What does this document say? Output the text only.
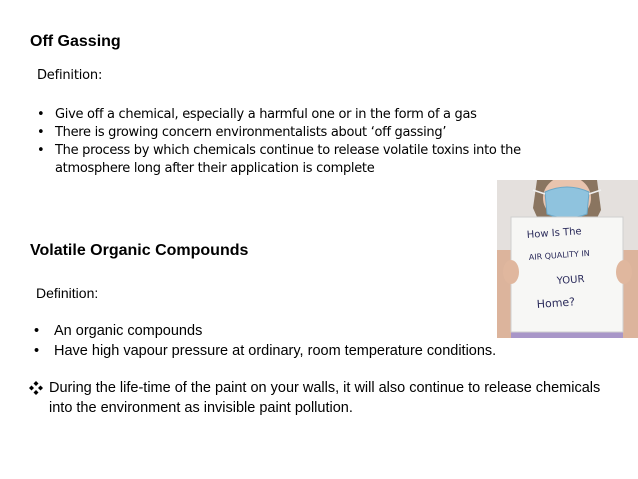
Off Gassing
Definition:
• Give off a chemical, especially a harmful one or in the form of a gas
• There is growing concern environmentalists about ‘off gassing’
• The process by which chemicals continue to release volatile toxins into the atmosphere long after their application is complete
How Is The
AIR QUALITY IN
YOUR
Home?
Volatile Organic Compounds
Definition:
• An organic compounds
• Have high vapour pressure at ordinary, room temperature conditions.
During the life-time of the paint on your walls, it will also continue to release chemicals into the environment as invisible paint pollution.
